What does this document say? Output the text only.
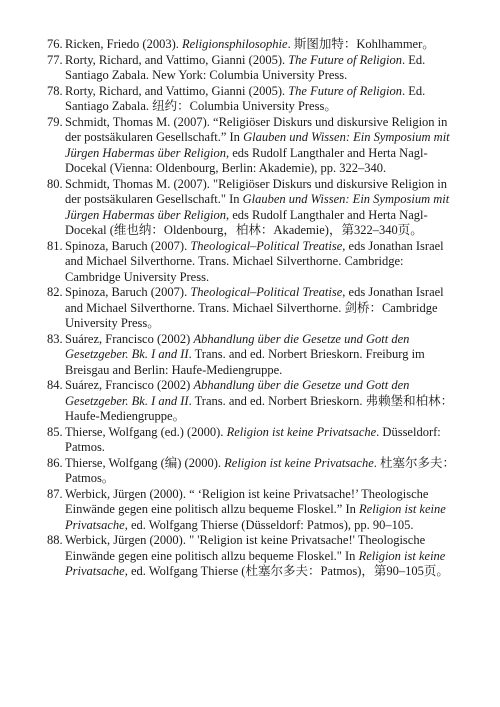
76. Ricken, Friedo (2003). Religionsphilosophie. 斯图加特：Kohlhammer。
77. Rorty, Richard, and Vattimo, Gianni (2005). The Future of Religion. Ed. Santiago Zabala. New York: Columbia University Press.
78. Rorty, Richard, and Vattimo, Gianni (2005). The Future of Religion. Ed. Santiago Zabala. 纽约：Columbia University Press。
79. Schmidt, Thomas M. (2007). “Religiöser Diskurs und diskursive Religion in der postsäkularen Gesellschaft.” In Glauben und Wissen: Ein Symposium mit Jürgen Habermas über Religion, eds Rudolf Langthaler and Herta Nagl-Docekal (Vienna: Oldenbourg, Berlin: Akademie), pp. 322–340.
80. Schmidt, Thomas M. (2007). "Religiöser Diskurs und diskursive Religion in der postsäkularen Gesellschaft." In Glauben und Wissen: Ein Symposium mit Jürgen Habermas über Religion, eds Rudolf Langthaler and Herta Nagl-Docekal (维也纳：Oldenbourg，柏林：Akademie)，第322–340页。
81. Spinoza, Baruch (2007). Theological–Political Treatise, eds Jonathan Israel and Michael Silverthorne. Trans. Michael Silverthorne. Cambridge: Cambridge University Press.
82. Spinoza, Baruch (2007). Theological–Political Treatise, eds Jonathan Israel and Michael Silverthorne. Trans. Michael Silverthorne. 剑桥：Cambridge University Press。
83. Suárez, Francisco (2002) Abhandlung über die Gesetze und Gott den Gesetzgeber. Bk. I and II. Trans. and ed. Norbert Brieskorn. Freiburg im Breisgau and Berlin: Haufe-Mediengruppe.
84. Suárez, Francisco (2002) Abhandlung über die Gesetze und Gott den Gesetzgeber. Bk. I and II. Trans. and ed. Norbert Brieskorn. 弗赖堡和柏林：Haufe-Mediengruppe。
85. Thierse, Wolfgang (ed.) (2000). Religion ist keine Privatsache. Düsseldorf: Patmos.
86. Thierse, Wolfgang (编) (2000). Religion ist keine Privatsache. 杜塞尔多夫：Patmos。
87. Werbick, Jürgen (2000). “ ‘Religion ist keine Privatsache!’ Theologische Einwände gegen eine politisch allzu bequeme Floskel.” In Religion ist keine Privatsache, ed. Wolfgang Thierse (Düsseldorf: Patmos), pp. 90–105.
88. Werbick, Jürgen (2000). " 'Religion ist keine Privatsache!' Theologische Einwände gegen eine politisch allzu bequeme Floskel." In Religion ist keine Privatsache, ed. Wolfgang Thierse (杜塞尔多夫：Patmos)，第90–105页。
